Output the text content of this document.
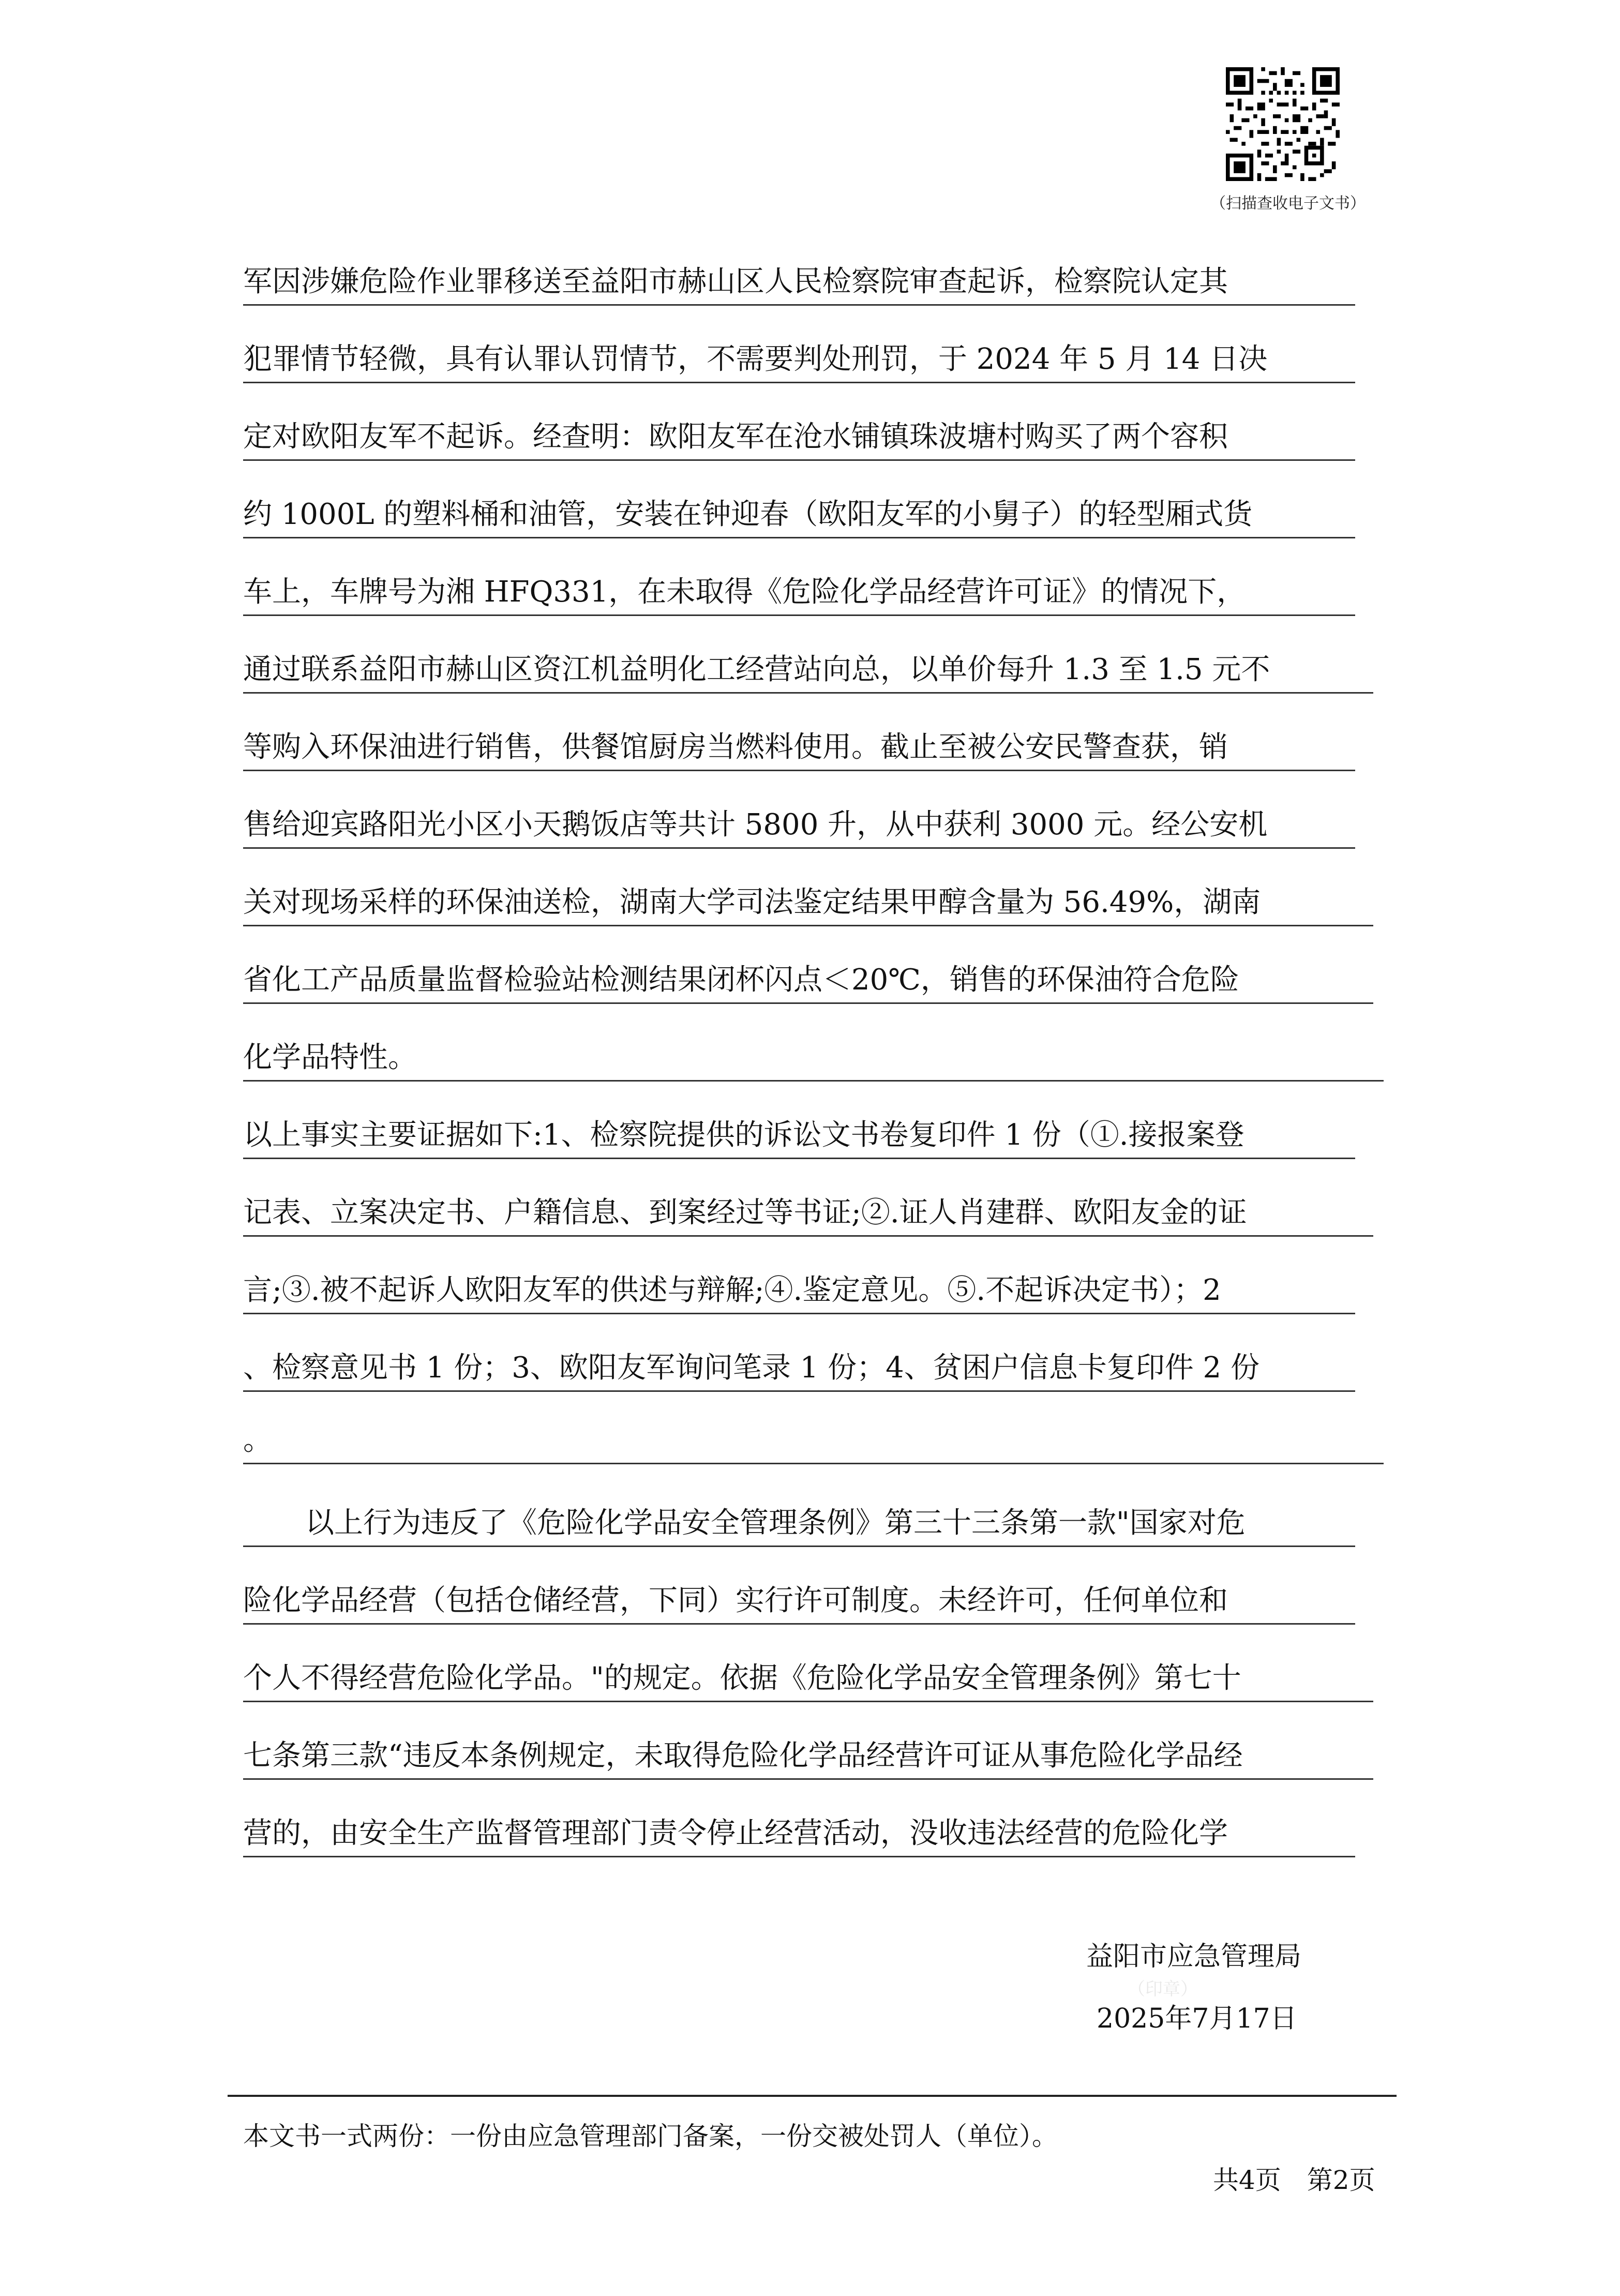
（扫描查收电子文书）
军因涉嫌危险作业罪移送至益阳市赫山区人民检察院审查起诉，检察院认定其
犯罪情节轻微，具有认罪认罚情节，不需要判处刑罚，于 2024 年 5 月 14 日决
定对欧阳友军不起诉。经查明：欧阳友军在沧水铺镇珠波塘村购买了两个容积
约 1000L 的塑料桶和油管，安装在钟迎春（欧阳友军的小舅子）的轻型厢式货
车上，车牌号为湘 HFQ331，在未取得《危险化学品经营许可证》的情况下，
通过联系益阳市赫山区资江机益明化工经营站向总，以单价每升 1.3 至 1.5 元不
等购入环保油进行销售，供餐馆厨房当燃料使用。截止至被公安民警查获，销
售给迎宾路阳光小区小天鹅饭店等共计 5800 升，从中获利 3000 元。经公安机
关对现场采样的环保油送检，湖南大学司法鉴定结果甲醇含量为 56.49%，湖南
省化工产品质量监督检验站检测结果闭杯闪点＜20℃，销售的环保油符合危险
化学品特性。
以上事实主要证据如下:1、检察院提供的诉讼文书卷复印件 1 份（①.接报案登
记表、立案决定书、户籍信息、到案经过等书证;②.证人肖建群、欧阳友金的证
言;③.被不起诉人欧阳友军的供述与辩解;④.鉴定意见。⑤.不起诉决定书）；2
、检察意见书 1 份；3、欧阳友军询问笔录 1 份；4、贫困户信息卡复印件 2 份
。
以上行为违反了《危险化学品安全管理条例》第三十三条第一款"国家对危
险化学品经营（包括仓储经营，下同）实行许可制度。未经许可，任何单位和
个人不得经营危险化学品。"的规定。依据《危险化学品安全管理条例》第七十
七条第三款“违反本条例规定，未取得危险化学品经营许可证从事危险化学品经
营的，由安全生产监督管理部门责令停止经营活动，没收违法经营的危险化学
益阳市应急管理局
（印章）
2025年7月17日
本文书一式两份：一份由应急管理部门备案，一份交被处罚人（单位）。
共4页　第2页
